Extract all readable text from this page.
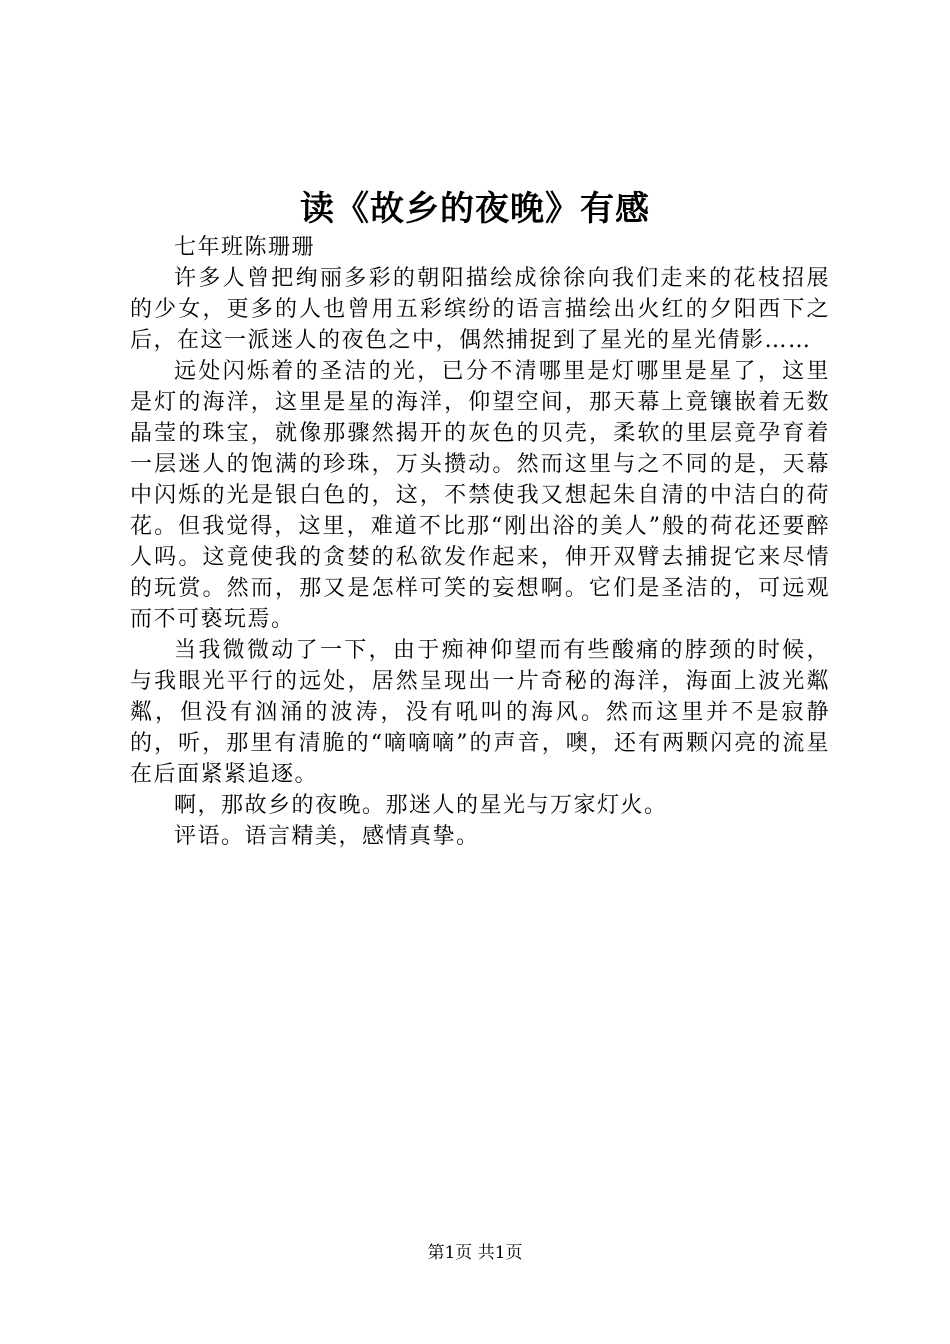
读《故乡的夜晚》有感

七年班陈珊珊

许多人曾把绚丽多彩的朝阳描绘成徐徐向我们走来的花枝招展的少女，更多的人也曾用五彩缤纷的语言描绘出火红的夕阳西下之后，在这一派迷人的夜色之中，偶然捕捉到了星光的星光倩影……

远处闪烁着的圣洁的光，已分不清哪里是灯哪里是星了，这里是灯的海洋，这里是星的海洋，仰望空间，那天幕上竟镶嵌着无数晶莹的珠宝，就像那骤然揭开的灰色的贝壳，柔软的里层竟孕育着一层迷人的饱满的珍珠，万头攒动。然而这里与之不同的是，天幕中闪烁的光是银白色的，这，不禁使我又想起朱自清的中洁白的荷花。但我觉得，这里，难道不比那“刚出浴的美人”般的荷花还要醉人吗。这竟使我的贪婪的私欲发作起来，伸开双臂去捕捉它来尽情的玩赏。然而，那又是怎样可笑的妄想啊。它们是圣洁的，可远观而不可亵玩焉。

当我微微动了一下，由于痴神仰望而有些酸痛的脖颈的时候，与我眼光平行的远处，居然呈现出一片奇秘的海洋，海面上波光粼粼，但没有汹涌的波涛，没有吼叫的海风。然而这里并不是寂静的，听，那里有清脆的“嘀嘀嘀”的声音，噢，还有两颗闪亮的流星在后面紧紧追逐。

啊，那故乡的夜晚。那迷人的星光与万家灯火。

评语。语言精美，感情真挚。

第1页 共1页
